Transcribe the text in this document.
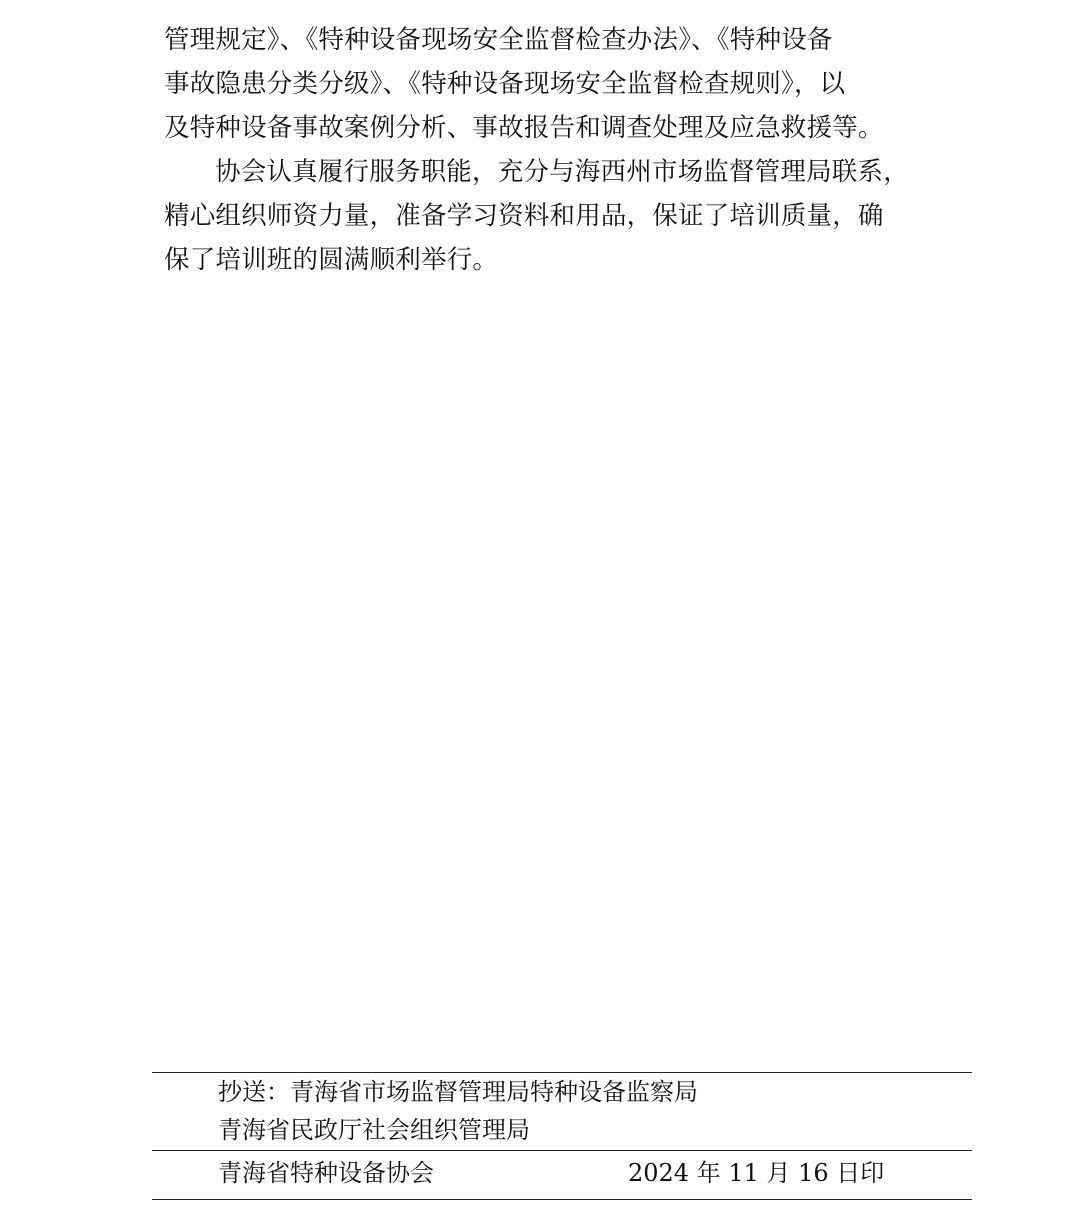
管理规定》、《特种设备现场安全监督检查办法》、《特种设备
事故隐患分类分级》、《特种设备现场安全监督检查规则》，以
及特种设备事故案例分析、事故报告和调查处理及应急救援等。

协会认真履行服务职能，充分与海西州市场监督管理局联系，
精心组织师资力量，准备学习资料和用品，保证了培训质量，确
保了培训班的圆满顺利举行。

抄送：青海省市场监督管理局特种设备监察局
青海省民政厅社会组织管理局
青海省特种设备协会	2024 年 11 月 16 日印
